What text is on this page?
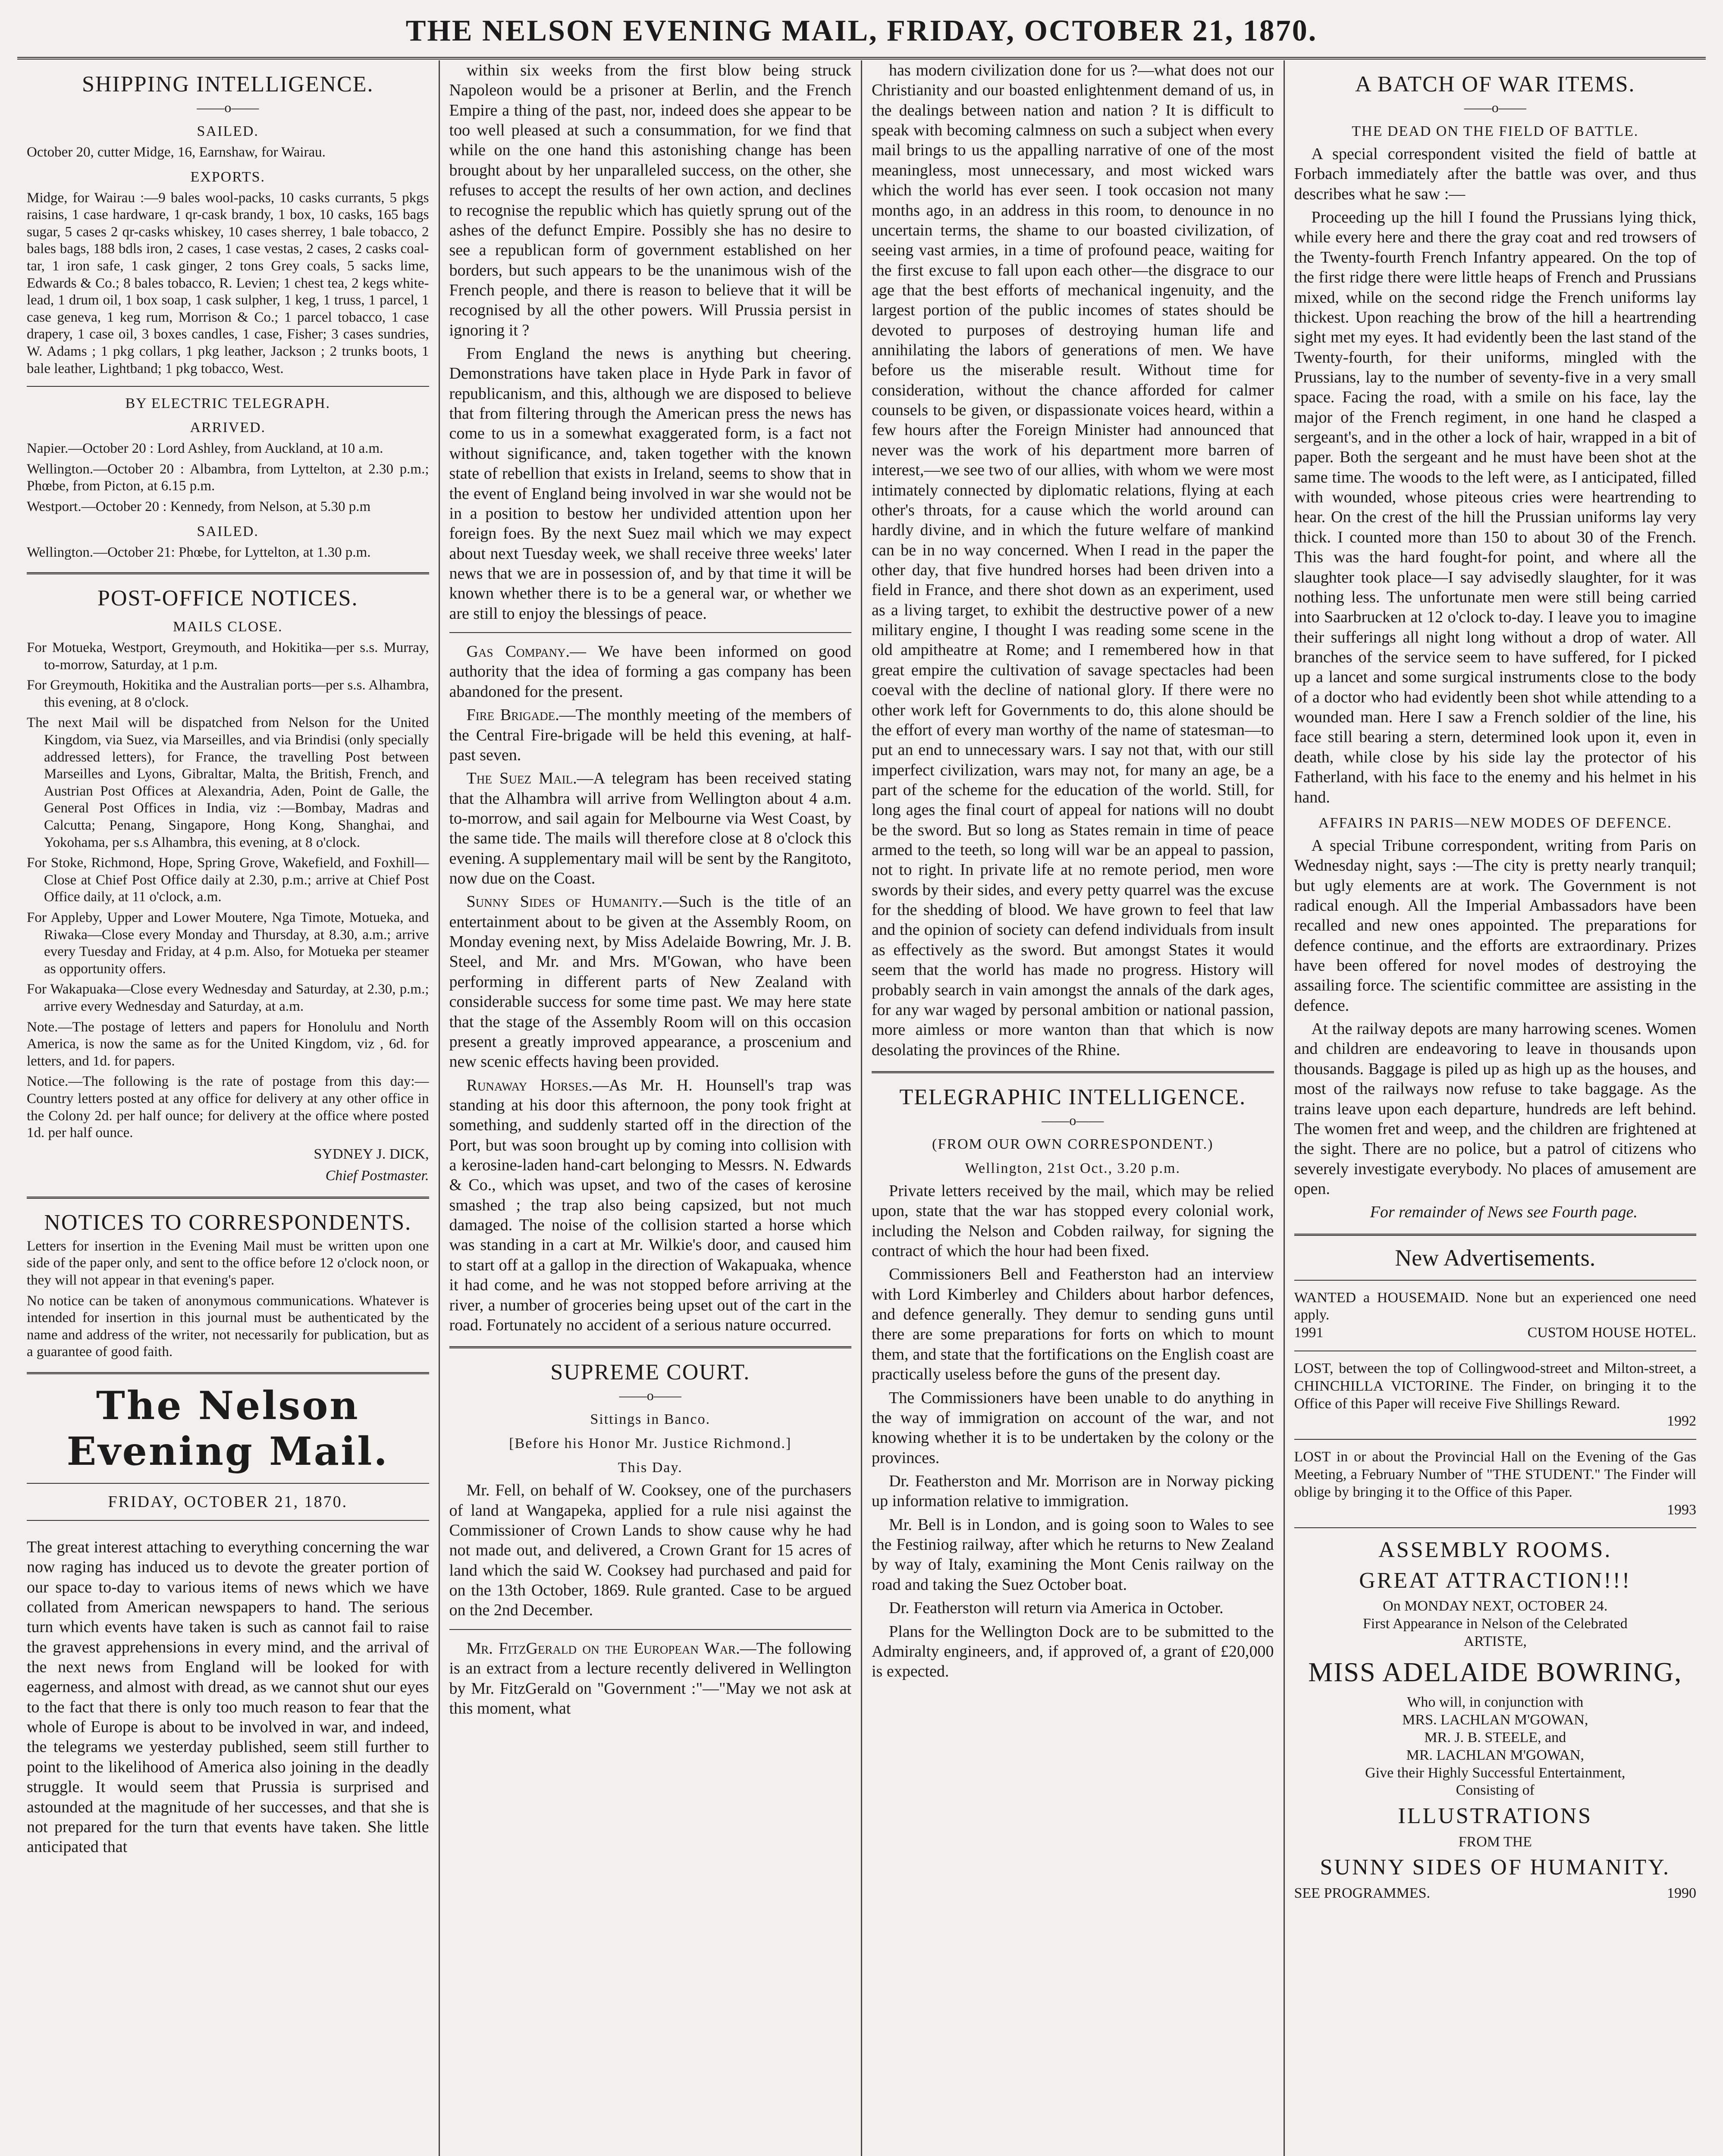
THE NELSON EVENING MAIL, FRIDAY, OCTOBER 21, 1870.
SHIPPING INTELLIGENCE.
——o——
SAILED.

October 20, cutter Midge, 16, Earnshaw, for Wairau.

EXPORTS.

Midge, for Wairau :—9 bales wool-packs, 10 casks currants, 5 pkgs raisins, 1 case hardware, 1 qr-cask brandy, 1 box, 10 casks, 165 bags sugar, 5 cases 2 qr-casks whiskey, 10 cases sherrey, 1 bale tobacco, 2 bales bags, 188 bdls iron, 2 cases, 1 case vestas, 2 cases, 2 casks coal-tar, 1 iron safe, 1 cask ginger, 2 tons Grey coals, 5 sacks lime, Edwards & Co.; 8 bales tobacco, R. Levien; 1 chest tea, 2 kegs white-lead, 1 drum oil, 1 box soap, 1 cask sulpher, 1 keg, 1 truss, 1 parcel, 1 case geneva, 1 keg rum, Morrison & Co.; 1 parcel tobacco, 1 case drapery, 1 case oil, 3 boxes candles, 1 case, Fisher; 3 cases sundries, W. Adams ; 1 pkg collars, 1 pkg leather, Jackson ; 2 trunks boots, 1 bale leather, Lightband; 1 pkg tobacco, West.

BY ELECTRIC TELEGRAPH.
ARRIVED.

Napier.—October 20 : Lord Ashley, from Auckland, at 10 a.m.

Wellington.—October 20 : Albambra, from Lyttelton, at 2.30 p.m.; Phœbe, from Picton, at 6.15 p.m.

Westport.—October 20 : Kennedy, from Nelson, at 5.30 p.m

SAILED.

Wellington.—October 21: Phœbe, for Lyttelton, at 1.30 p.m.

POST-OFFICE NOTICES.
MAILS CLOSE.

For Motueka, Westport, Greymouth, and Hokitika—per s.s. Murray, to-morrow, Saturday, at 1 p.m.

For Greymouth, Hokitika and the Australian ports—per s.s. Alhambra, this evening, at 8 o'clock.

The next Mail will be dispatched from Nelson for the United Kingdom, via Suez, via Marseilles, and via Brindisi (only specially addressed letters), for France, the travelling Post between Marseilles and Lyons, Gibraltar, Malta, the British, French, and Austrian Post Offices at Alexandria, Aden, Point de Galle, the General Post Offices in India, viz :—Bombay, Madras and Calcutta; Penang, Singapore, Hong Kong, Shanghai, and Yokohama, per s.s Alhambra, this evening, at 8 o'clock.

For Stoke, Richmond, Hope, Spring Grove, Wakefield, and Foxhill—Close at Chief Post Office daily at 2.30, p.m.; arrive at Chief Post Office daily, at 11 o'clock, a.m.

For Appleby, Upper and Lower Moutere, Nga Timote, Motueka, and Riwaka—Close every Monday and Thursday, at 8.30, a.m.; arrive every Tuesday and Friday, at 4 p.m. Also, for Motueka per steamer as opportunity offers.

For Wakapuaka—Close every Wednesday and Saturday, at 2.30, p.m.; arrive every Wednesday and Saturday, at a.m.

Note.—The postage of letters and papers for Honolulu and North America, is now the same as for the United Kingdom, viz , 6d. for letters, and 1d. for papers.

Notice.—The following is the rate of postage from this day:—Country letters posted at any office for delivery at any other office in the Colony 2d. per half ounce; for delivery at the office where posted 1d. per half ounce.

SYDNEY J. DICK,
Chief Postmaster.
NOTICES TO CORRESPONDENTS.

Letters for insertion in the Evening Mail must be written upon one side of the paper only, and sent to the office before 12 o'clock noon, or they will not appear in that evening's paper.

No notice can be taken of anonymous communications. Whatever is intended for insertion in this journal must be authenticated by the name and address of the writer, not necessarily for publication, but as a guarantee of good faith.

The Nelson Evening Mail.
FRIDAY, OCTOBER 21, 1870.

The great interest attaching to everything concerning the war now raging has induced us to devote the greater portion of our space to-day to various items of news which we have collated from American newspapers to hand. The serious turn which events have taken is such as cannot fail to raise the gravest apprehensions in every mind, and the arrival of the next news from England will be looked for with eagerness, and almost with dread, as we cannot shut our eyes to the fact that there is only too much reason to fear that the whole of Europe is about to be involved in war, and indeed, the telegrams we yesterday published, seem still further to point to the likelihood of America also joining in the deadly struggle. It would seem that Prussia is surprised and astounded at the magnitude of her successes, and that she is not prepared for the turn that events have taken. She little anticipated that

within six weeks from the first blow being struck Napoleon would be a prisoner at Berlin, and the French Empire a thing of the past, nor, indeed does she appear to be too well pleased at such a consummation, for we find that while on the one hand this astonishing change has been brought about by her unparalleled success, on the other, she refuses to accept the results of her own action, and declines to recognise the republic which has quietly sprung out of the ashes of the defunct Empire. Possibly she has no desire to see a republican form of government established on her borders, but such appears to be the unanimous wish of the French people, and there is reason to believe that it will be recognised by all the other powers. Will Prussia persist in ignoring it ?

From England the news is anything but cheering. Demonstrations have taken place in Hyde Park in favor of republicanism, and this, although we are disposed to believe that from filtering through the American press the news has come to us in a somewhat exaggerated form, is a fact not without significance, and, taken together with the known state of rebellion that exists in Ireland, seems to show that in the event of England being involved in war she would not be in a position to bestow her undivided attention upon her foreign foes. By the next Suez mail which we may expect about next Tuesday week, we shall receive three weeks' later news that we are in possession of, and by that time it will be known whether there is to be a general war, or whether we are still to enjoy the blessings of peace.

Gas Company.— We have been informed on good authority that the idea of forming a gas company has been abandoned for the present.

Fire Brigade.—The monthly meeting of the members of the Central Fire-brigade will be held this evening, at half-past seven.

The Suez Mail.—A telegram has been received stating that the Alhambra will arrive from Wellington about 4 a.m. to-morrow, and sail again for Melbourne via West Coast, by the same tide. The mails will therefore close at 8 o'clock this evening. A supplementary mail will be sent by the Rangitoto, now due on the Coast.

Sunny Sides of Humanity.—Such is the title of an entertainment about to be given at the Assembly Room, on Monday evening next, by Miss Adelaide Bowring, Mr. J. B. Steel, and Mr. and Mrs. M'Gowan, who have been performing in different parts of New Zealand with considerable success for some time past. We may here state that the stage of the Assembly Room will on this occasion present a greatly improved appearance, a proscenium and new scenic effects having been provided.

Runaway Horses.—As Mr. H. Hounsell's trap was standing at his door this afternoon, the pony took fright at something, and suddenly started off in the direction of the Port, but was soon brought up by coming into collision with a kerosine-laden hand-cart belonging to Messrs. N. Edwards & Co., which was upset, and two of the cases of kerosine smashed ; the trap also being capsized, but not much damaged. The noise of the collision started a horse which was standing in a cart at Mr. Wilkie's door, and caused him to start off at a gallop in the direction of Wakapuaka, whence it had come, and he was not stopped before arriving at the river, a number of groceries being upset out of the cart in the road. Fortunately no accident of a serious nature occurred.

SUPREME COURT.
——o——
Sittings in Banco.
[Before his Honor Mr. Justice Richmond.]
This Day.

Mr. Fell, on behalf of W. Cooksey, one of the purchasers of land at Wangapeka, applied for a rule nisi against the Commissioner of Crown Lands to show cause why he had not made out, and delivered, a Crown Grant for 15 acres of land which the said W. Cooksey had purchased and paid for on the 13th October, 1869. Rule granted. Case to be argued on the 2nd December.

Mr. FitzGerald on the European War.—The following is an extract from a lecture recently delivered in Wellington by Mr. FitzGerald on "Government :"—"May we not ask at this moment, what

has modern civilization done for us ?—what does not our Christianity and our boasted enlightenment demand of us, in the dealings between nation and nation ? It is difficult to speak with becoming calmness on such a subject when every mail brings to us the appalling narrative of one of the most meaningless, most unnecessary, and most wicked wars which the world has ever seen. I took occasion not many months ago, in an address in this room, to denounce in no uncertain terms, the shame to our boasted civilization, of seeing vast armies, in a time of profound peace, waiting for the first excuse to fall upon each other—the disgrace to our age that the best efforts of mechanical ingenuity, and the largest portion of the public incomes of states should be devoted to purposes of destroying human life and annihilating the labors of generations of men. We have before us the miserable result. Without time for consideration, without the chance afforded for calmer counsels to be given, or dispassionate voices heard, within a few hours after the Foreign Minister had announced that never was the work of his department more barren of interest,—we see two of our allies, with whom we were most intimately connected by diplomatic relations, flying at each other's throats, for a cause which the world around can hardly divine, and in which the future welfare of mankind can be in no way concerned. When I read in the paper the other day, that five hundred horses had been driven into a field in France, and there shot down as an experiment, used as a living target, to exhibit the destructive power of a new military engine, I thought I was reading some scene in the old ampitheatre at Rome; and I remembered how in that great empire the cultivation of savage spectacles had been coeval with the decline of national glory. If there were no other work left for Governments to do, this alone should be the effort of every man worthy of the name of statesman—to put an end to unnecessary wars. I say not that, with our still imperfect civilization, wars may not, for many an age, be a part of the scheme for the education of the world. Still, for long ages the final court of appeal for nations will no doubt be the sword. But so long as States remain in time of peace armed to the teeth, so long will war be an appeal to passion, not to right. In private life at no remote period, men wore swords by their sides, and every petty quarrel was the excuse for the shedding of blood. We have grown to feel that law and the opinion of society can defend individuals from insult as effectively as the sword. But amongst States it would seem that the world has made no progress. History will probably search in vain amongst the annals of the dark ages, for any war waged by personal ambition or national passion, more aimless or more wanton than that which is now desolating the provinces of the Rhine.

TELEGRAPHIC INTELLIGENCE.
——o——
(FROM OUR OWN CORRESPONDENT.)
Wellington, 21st Oct., 3.20 p.m.

Private letters received by the mail, which may be relied upon, state that the war has stopped every colonial work, including the Nelson and Cobden railway, for signing the contract of which the hour had been fixed.

Commissioners Bell and Featherston had an interview with Lord Kimberley and Childers about harbor defences, and defence generally. They demur to sending guns until there are some preparations for forts on which to mount them, and state that the fortifications on the English coast are practically useless before the guns of the present day.

The Commissioners have been unable to do anything in the way of immigration on account of the war, and not knowing whether it is to be undertaken by the colony or the provinces.

Dr. Featherston and Mr. Morrison are in Norway picking up information relative to immigration.

Mr. Bell is in London, and is going soon to Wales to see the Festiniog railway, after which he returns to New Zealand by way of Italy, examining the Mont Cenis railway on the road and taking the Suez October boat.

Dr. Featherston will return via America in October.

Plans for the Wellington Dock are to be submitted to the Admiralty engineers, and, if approved of, a grant of £20,000 is expected.

A BATCH OF WAR ITEMS.
——o——
THE DEAD ON THE FIELD OF BATTLE.

A special correspondent visited the field of battle at Forbach immediately after the battle was over, and thus describes what he saw :—

Proceeding up the hill I found the Prussians lying thick, while every here and there the gray coat and red trowsers of the Twenty-fourth French Infantry appeared. On the top of the first ridge there were little heaps of French and Prussians mixed, while on the second ridge the French uniforms lay thickest. Upon reaching the brow of the hill a heartrending sight met my eyes. It had evidently been the last stand of the Twenty-fourth, for their uniforms, mingled with the Prussians, lay to the number of seventy-five in a very small space. Facing the road, with a smile on his face, lay the major of the French regiment, in one hand he clasped a sergeant's, and in the other a lock of hair, wrapped in a bit of paper. Both the sergeant and he must have been shot at the same time. The woods to the left were, as I anticipated, filled with wounded, whose piteous cries were heartrending to hear. On the crest of the hill the Prussian uniforms lay very thick. I counted more than 150 to about 30 of the French. This was the hard fought-for point, and where all the slaughter took place—I say advisedly slaughter, for it was nothing less. The unfortunate men were still being carried into Saarbrucken at 12 o'clock to-day. I leave you to imagine their sufferings all night long without a drop of water. All branches of the service seem to have suffered, for I picked up a lancet and some surgical instruments close to the body of a doctor who had evidently been shot while attending to a wounded man. Here I saw a French soldier of the line, his face still bearing a stern, determined look upon it, even in death, while close by his side lay the protector of his Fatherland, with his face to the enemy and his helmet in his hand.

AFFAIRS IN PARIS—NEW MODES OF DEFENCE.

A special Tribune correspondent, writing from Paris on Wednesday night, says :—The city is pretty nearly tranquil; but ugly elements are at work. The Government is not radical enough. All the Imperial Ambassadors have been recalled and new ones appointed. The preparations for defence continue, and the efforts are extraordinary. Prizes have been offered for novel modes of destroying the assailing force. The scientific committee are assisting in the defence.

At the railway depots are many harrowing scenes. Women and children are endeavoring to leave in thousands upon thousands. Baggage is piled up as high up as the houses, and most of the railways now refuse to take baggage. As the trains leave upon each departure, hundreds are left behind. The women fret and weep, and the children are frightened at the sight. There are no police, but a patrol of citizens who severely investigate everybody. No places of amusement are open.

For remainder of News see Fourth page.

New Advertisements.
WANTED a HOUSEMAID. None but an experienced one need apply.
1991	CUSTOM HOUSE HOTEL.
LOST, between the top of Collingwood-street and Milton-street, a CHINCHILLA VICTORINE. The Finder, on bringing it to the Office of this Paper will receive Five Shillings Reward.
1992
LOST in or about the Provincial Hall on the Evening of the Gas Meeting, a February Number of "THE STUDENT." The Finder will oblige by bringing it to the Office of this Paper.
1993
ASSEMBLY ROOMS.
GREAT ATTRACTION!!!
On MONDAY NEXT, OCTOBER 24.
First Appearance in Nelson of the Celebrated
ARTISTE,
MISS ADELAIDE BOWRING,
Who will, in conjunction with
MRS. LACHLAN M'GOWAN,
MR. J. B. STEELE, and
MR. LACHLAN M'GOWAN,
Give their Highly Successful Entertainment,
Consisting of
ILLUSTRATIONS
FROM THE
SUNNY SIDES OF HUMANITY.
SEE PROGRAMMES.	1990
